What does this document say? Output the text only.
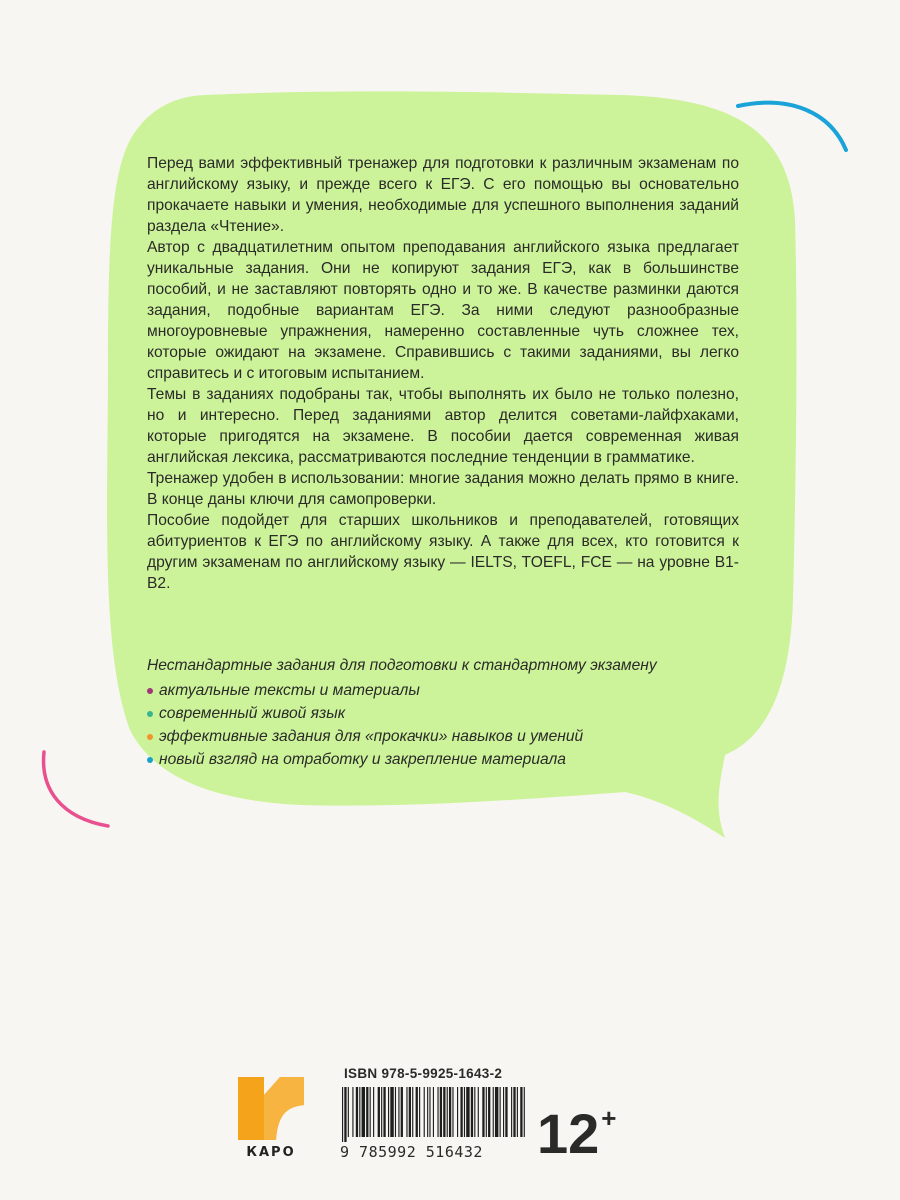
Перед вами эффективный тренажер для подготовки к различным экзаменам по английскому языку, и прежде всего к ЕГЭ. С его помощью вы основательно прокачаете навыки и умения, необходимые для успешного выполнения заданий раздела «Чтение».

Автор с двадцатилетним опытом преподавания английского языка предлагает уникальные задания. Они не копируют задания ЕГЭ, как в большинстве пособий, и не заставляют повторять одно и то же. В качестве разминки даются задания, подобные вариантам ЕГЭ. За ними следуют разнообразные многоуровневые упражнения, намеренно составленные чуть сложнее тех, которые ожидают на экзамене. Справившись с такими заданиями, вы легко справитесь и с итоговым испытанием.

Темы в заданиях подобраны так, чтобы выполнять их было не только полезно, но и интересно. Перед заданиями автор делится советами-лайфхаками, которые пригодятся на экзамене. В пособии дается современная живая английская лексика, рассматриваются последние тенденции в грамматике.

Тренажер удобен в использовании: многие задания можно делать прямо в книге. В конце даны ключи для самопроверки.

Пособие подойдет для старших школьников и преподавателей, готовящих абитуриентов к ЕГЭ по английскому языку. А также для всех, кто готовится к другим экзаменам по английскому языку — IELTS, TOEFL, FCE — на уровне B1-B2.

Нестандартные задания для подготовки к стандартному экзамену
актуальные тексты и материалы
современный живой язык
эффективные задания для «прокачки» навыков и умений
новый взгляд на отработку и закрепление материала
КАРО
ISBN 978-5-9925-1643-2
9 785992 516432 12+
